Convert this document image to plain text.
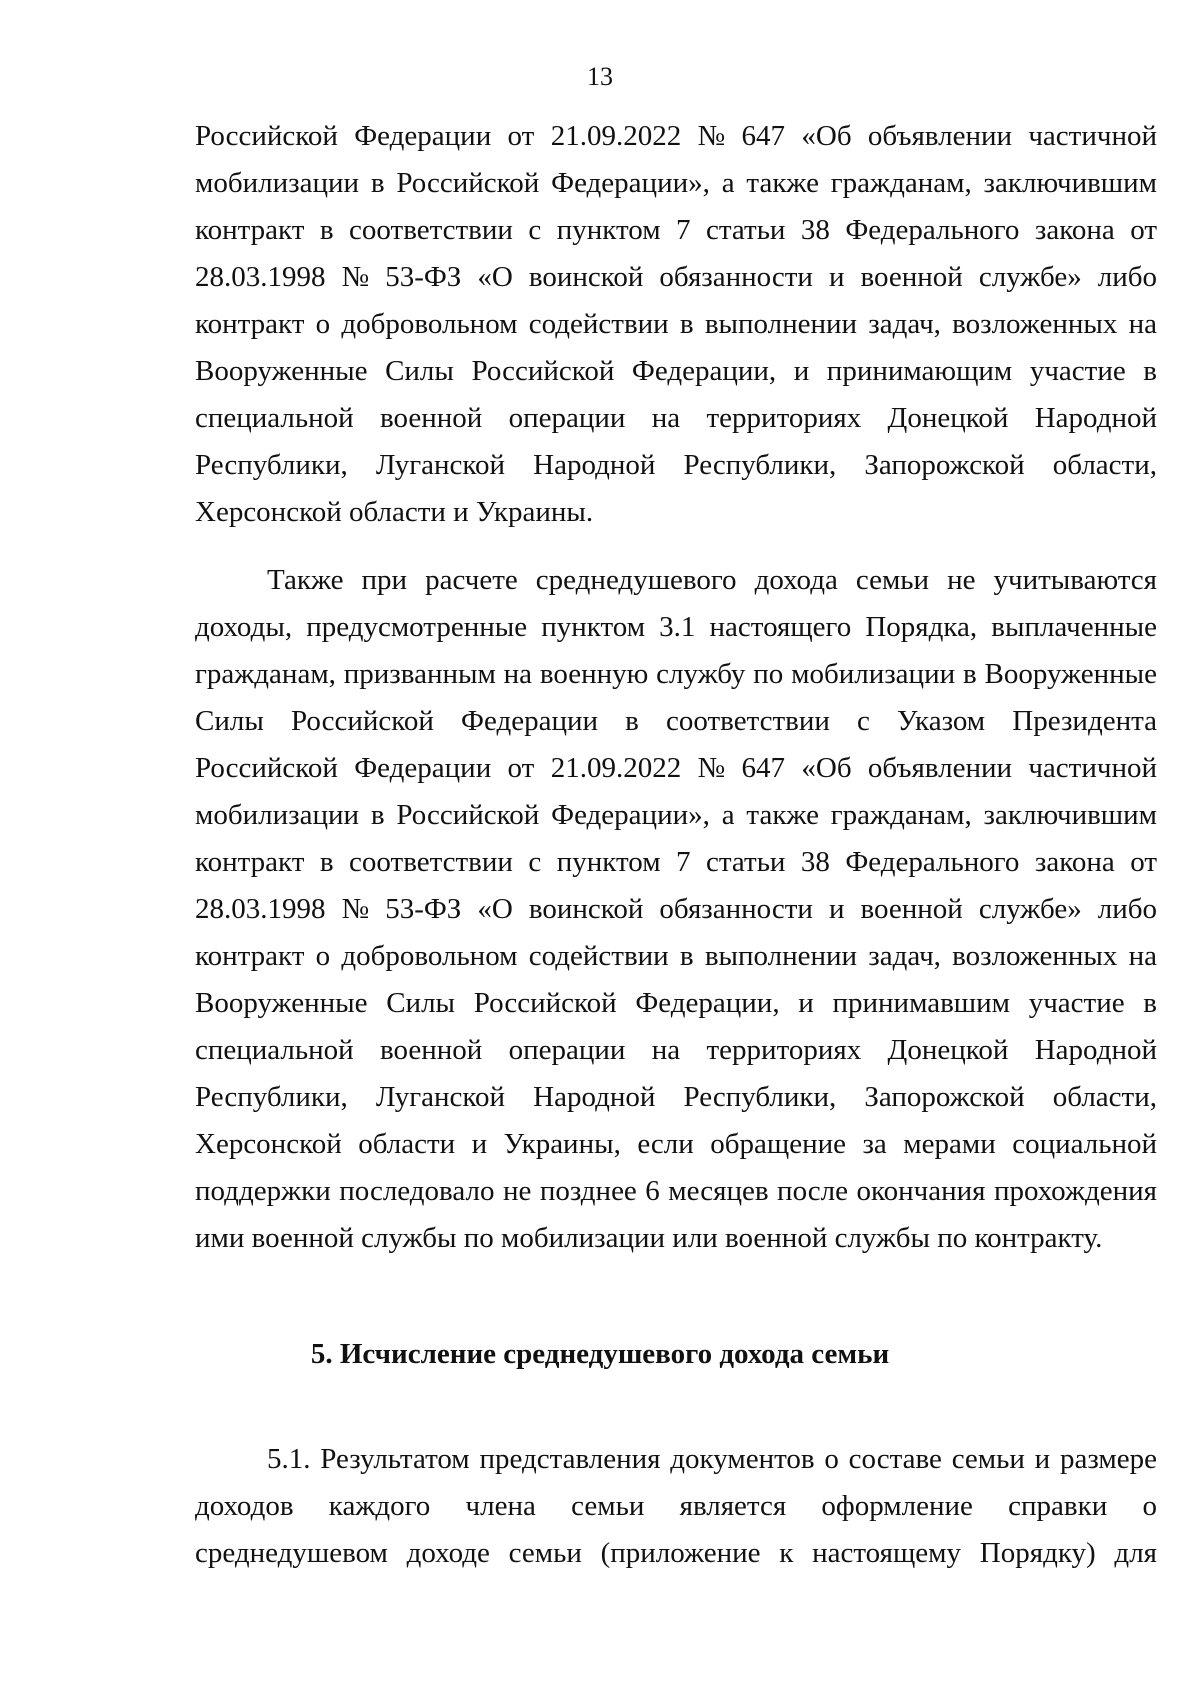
13
Российской Федерации от 21.09.2022 № 647 «Об объявлении частичной
мобилизации в Российской Федерации», а также гражданам, заключившим
контракт в соответствии с пунктом 7 статьи 38 Федерального закона от
28.03.1998 № 53-ФЗ «О воинской обязанности и военной службе» либо
контракт о добровольном содействии в выполнении задач, возложенных на
Вооруженные Силы Российской Федерации, и принимающим участие в
специальной военной операции на территориях Донецкой Народной
Республики, Луганской Народной Республики, Запорожской области,
Херсонской области и Украины.
Также при расчете среднедушевого дохода семьи не учитываются
доходы, предусмотренные пунктом 3.1 настоящего Порядка, выплаченные
гражданам, призванным на военную службу по мобилизации в Вооруженные
Силы Российской Федерации в соответствии с Указом Президента
Российской Федерации от 21.09.2022 № 647 «Об объявлении частичной
мобилизации в Российской Федерации», а также гражданам, заключившим
контракт в соответствии с пунктом 7 статьи 38 Федерального закона от
28.03.1998 № 53-ФЗ «О воинской обязанности и военной службе» либо
контракт о добровольном содействии в выполнении задач, возложенных на
Вооруженные Силы Российской Федерации, и принимавшим участие в
специальной военной операции на территориях Донецкой Народной
Республики, Луганской Народной Республики, Запорожской области,
Херсонской области и Украины, если обращение за мерами социальной
поддержки последовало не позднее 6 месяцев после окончания прохождения
ими военной службы по мобилизации или военной службы по контракту.
5. Исчисление среднедушевого дохода семьи
5.1. Результатом представления документов о составе семьи и размере
доходов каждого члена семьи является оформление справки о
среднедушевом доходе семьи (приложение к настоящему Порядку) для
